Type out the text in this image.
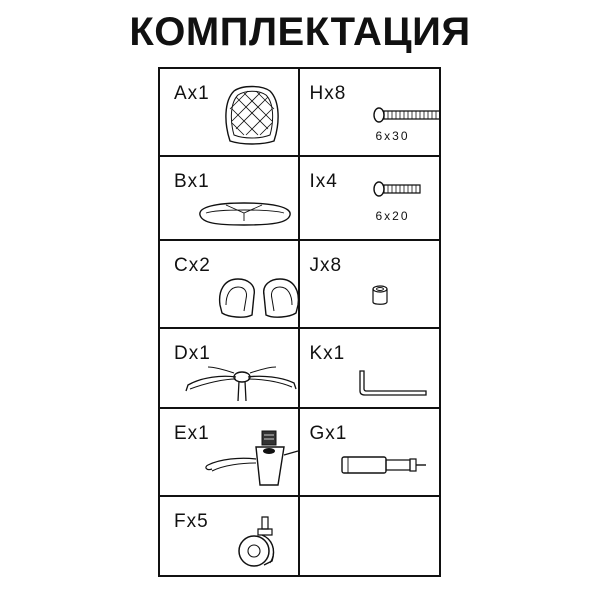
КОМПЛЕКТАЦИЯ
Ax1	Hx8
6x30
Bx1	Ix4
6x20
Cx2	Jx8
Dx1	Kx1
Ex1	Gx1
Fx5
